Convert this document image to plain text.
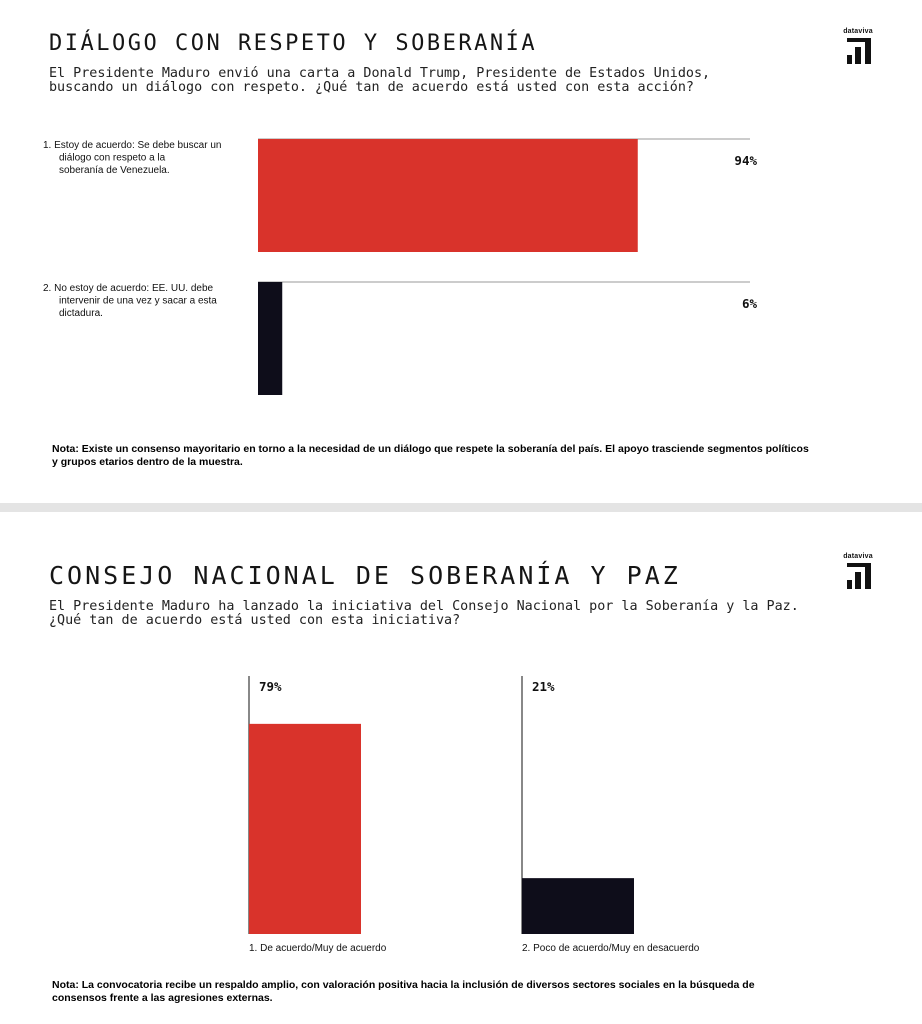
DIÁLOGO CON RESPETO Y SOBERANÍA
El Presidente Maduro envió una carta a Donald Trump, Presidente de Estados Unidos,
buscando un diálogo con respeto. ¿Qué tan de acuerdo está usted con esta acción?
dataviva
94%
1. Estoy de acuerdo: Se debe buscar un diálogo con respeto a la soberanía de Venezuela.
6%
2. No estoy de acuerdo: EE. UU. debe intervenir de una vez y sacar a esta dictadura.
Nota: Existe un consenso mayoritario en torno a la necesidad de un diálogo que respete la soberanía del país. El apoyo trasciende segmentos políticos y grupos etarios dentro de la muestra.
CONSEJO NACIONAL DE SOBERANÍA Y PAZ
El Presidente Maduro ha lanzado la iniciativa del Consejo Nacional por la Soberanía y la Paz.
¿Qué tan de acuerdo está usted con esta iniciativa?
dataviva
79%
1. De acuerdo/Muy de acuerdo
21%
2. Poco de acuerdo/Muy en desacuerdo
Nota: La convocatoria recibe un respaldo amplio, con valoración positiva hacia la inclusión de diversos sectores sociales en la búsqueda de consensos frente a las agresiones externas.
